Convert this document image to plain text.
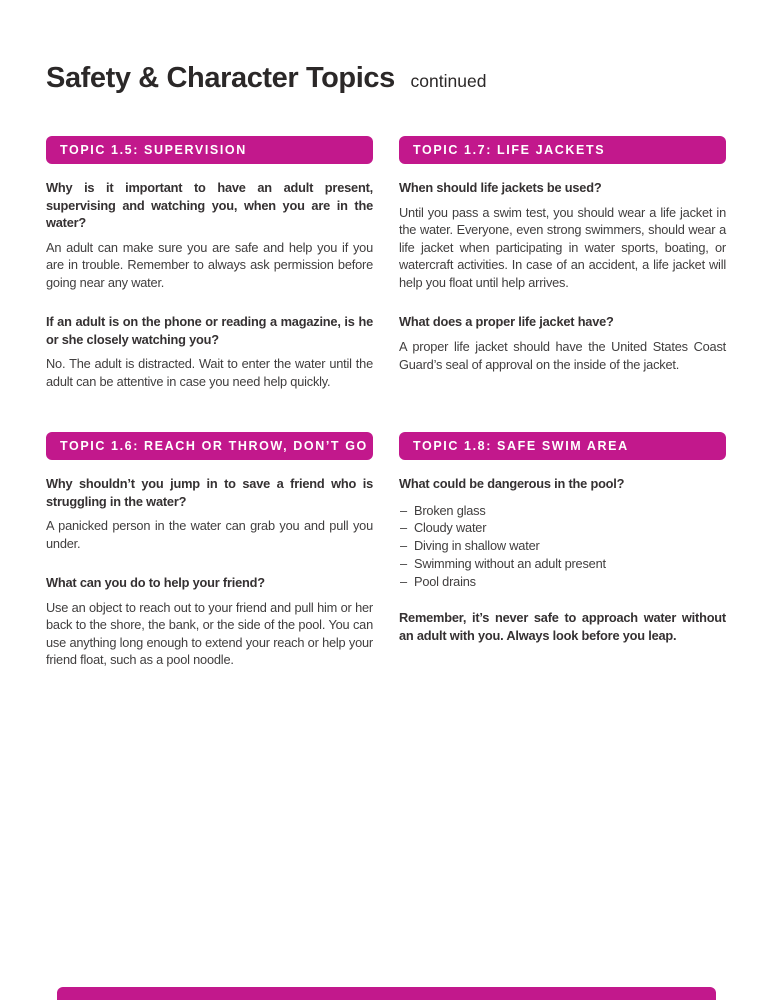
Safety & Character Topics continued
TOPIC 1.5: SUPERVISION

Why is it important to have an adult present, supervising and watching you, when you are in the water?

An adult can make sure you are safe and help you if you are in trouble. Remember to always ask permission before going near any water.

If an adult is on the phone or reading a magazine, is he or she closely watching you?

No. The adult is distracted. Wait to enter the water until the adult can be attentive in case you need help quickly.

TOPIC 1.7: LIFE JACKETS

When should life jackets be used?

Until you pass a swim test, you should wear a life jacket in the water. Everyone, even strong swimmers, should wear a life jacket when participating in water sports, boating, or watercraft activities. In case of an accident, a life jacket will help you float until help arrives.

What does a proper life jacket have?

A proper life jacket should have the United States Coast Guard’s seal of approval on the inside of the jacket.

TOPIC 1.6: REACH OR THROW, DON’T GO

Why shouldn’t you jump in to save a friend who is struggling in the water?

A panicked person in the water can grab you and pull you under.

What can you do to help your friend?

Use an object to reach out to your friend and pull him or her back to the shore, the bank, or the side of the pool. You can use anything long enough to extend your reach or help your friend float, such as a pool noodle.

TOPIC 1.8: SAFE SWIM AREA

What could be dangerous in the pool?

– Broken glass
– Cloudy water
– Diving in shallow water
– Swimming without an adult present
– Pool drains

Remember, it’s never safe to approach water without an adult with you. Always look before you leap.
